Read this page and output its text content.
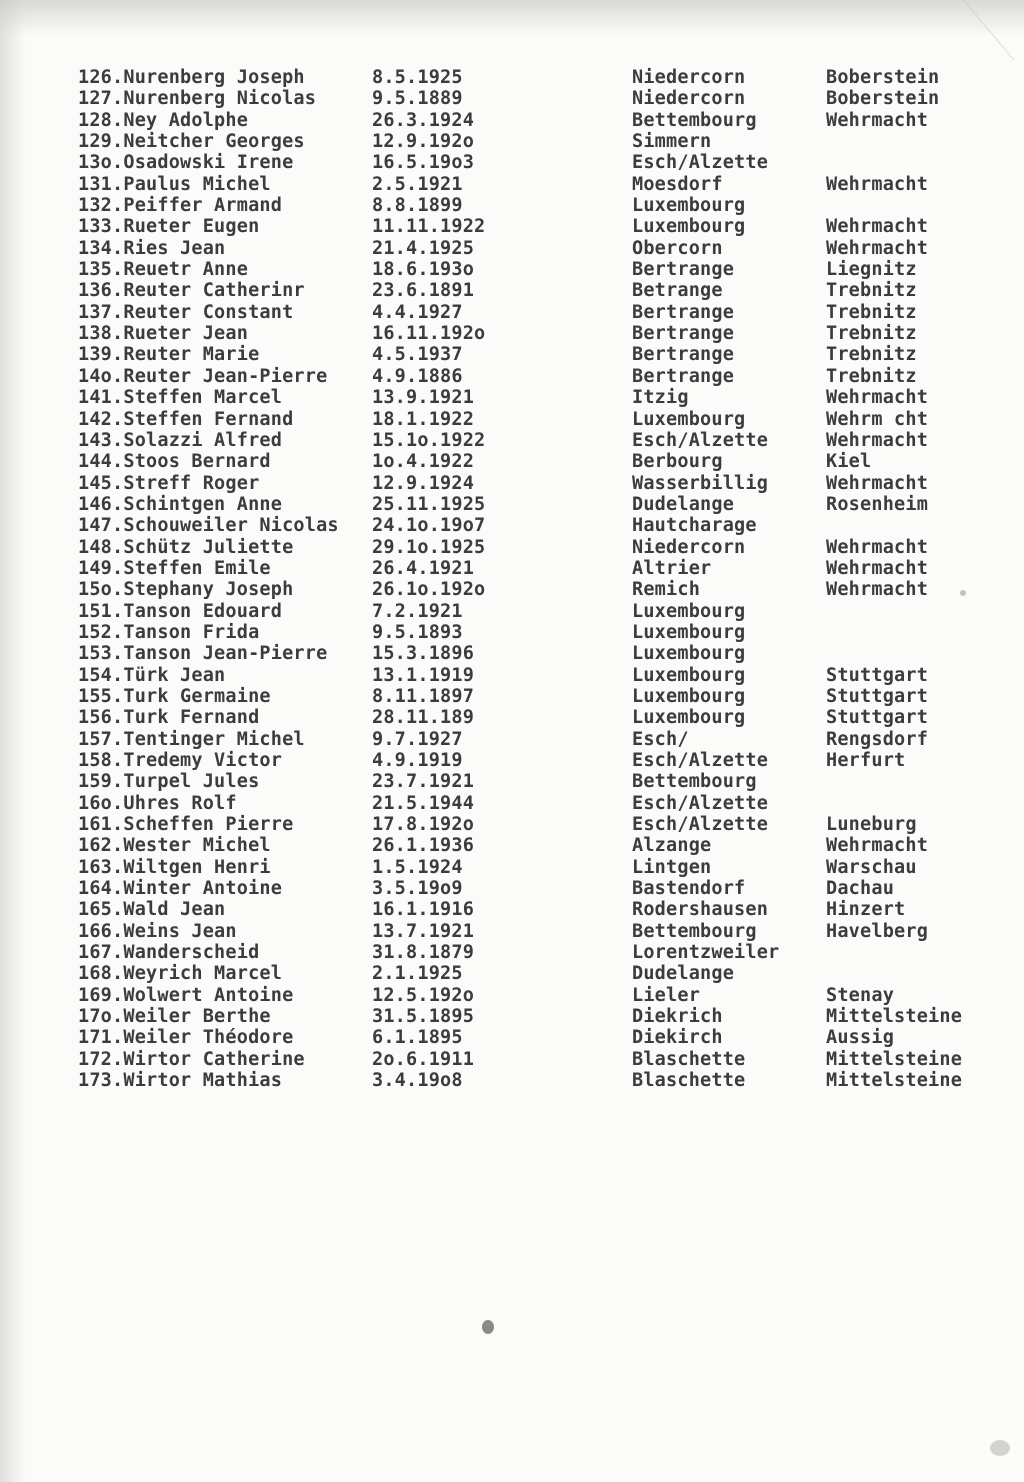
126.Nurenberg Joseph	8.5.1925	Niedercorn	Boberstein
127.Nurenberg Nicolas	9.5.1889	Niedercorn	Boberstein
128.Ney Adolphe	26.3.1924	Bettembourg	Wehrmacht
129.Neitcher Georges	12.9.192o	Simmern
13o.Osadowski Irene	16.5.19o3	Esch/Alzette
131.Paulus Michel	2.5.1921	Moesdorf	Wehrmacht
132.Peiffer Armand	8.8.1899	Luxembourg
133.Rueter Eugen	11.11.1922	Luxembourg	Wehrmacht
134.Ries Jean	21.4.1925	Obercorn	Wehrmacht
135.Reuetr Anne	18.6.193o	Bertrange	Liegnitz
136.Reuter Catherinr	23.6.1891	Betrange	Trebnitz
137.Reuter Constant	4.4.1927	Bertrange	Trebnitz
138.Rueter Jean	16.11.192o	Bertrange	Trebnitz
139.Reuter Marie	4.5.1937	Bertrange	Trebnitz
14o.Reuter Jean-Pierre 4.9.1886	Bertrange	Trebnitz
141.Steffen Marcel	13.9.1921	Itzig	Wehrmacht
142.Steffen Fernand	18.1.1922	Luxembourg	Wehrm cht
143.Solazzi Alfred	15.1o.1922	Esch/Alzette	Wehrmacht
144.Stoos Bernard	1o.4.1922	Berbourg	Kiel
145.Streff Roger	12.9.1924	Wasserbillig	Wehrmacht
146.Schintgen Anne	25.11.1925	Dudelange	Rosenheim
147.Schouweiler Nicolas 24.1o.19o7	Hautcharage
148.Schütz Juliette	29.1o.1925	Niedercorn	Wehrmacht
149.Steffen Emile	26.4.1921	Altrier	Wehrmacht
15o.Stephany Joseph	26.1o.192o	Remich	Wehrmacht
151.Tanson Edouard	7.2.1921	Luxembourg
152.Tanson Frida	9.5.1893	Luxembourg
153.Tanson Jean-Pierre 15.3.1896	Luxembourg
154.Türk Jean	13.1.1919	Luxembourg	Stuttgart
155.Turk Germaine	8.11.1897	Luxembourg	Stuttgart
156.Turk Fernand	28.11.189	Luxembourg	Stuttgart
157.Tentinger Michel	9.7.1927	Esch/	Rengsdorf
158.Tredemy Victor	4.9.1919	Esch/Alzette	Herfurt
159.Turpel Jules	23.7.1921	Bettembourg
16o.Uhres Rolf	21.5.1944	Esch/Alzette
161.Scheffen Pierre	17.8.192o	Esch/Alzette	Luneburg
162.Wester Michel	26.1.1936	Alzange	Wehrmacht
163.Wiltgen Henri	1.5.1924	Lintgen	Warschau
164.Winter Antoine	3.5.19o9	Bastendorf	Dachau
165.Wald Jean	16.1.1916	Rodershausen	Hinzert
166.Weins Jean	13.7.1921	Bettembourg	Havelberg
167.Wanderscheid	31.8.1879	Lorentzweiler
168.Weyrich Marcel	2.1.1925	Dudelange
169.Wolwert Antoine	12.5.192o	Lieler	Stenay
17o.Weiler Berthe	31.5.1895	Diekrich	Mittelsteine
171.Weiler Théodore	6.1.1895	Diekirch	Aussig
172.Wirtor Catherine	2o.6.1911	Blaschette	Mittelsteine
173.Wirtor Mathias	3.4.19o8	Blaschette	Mittelsteine
